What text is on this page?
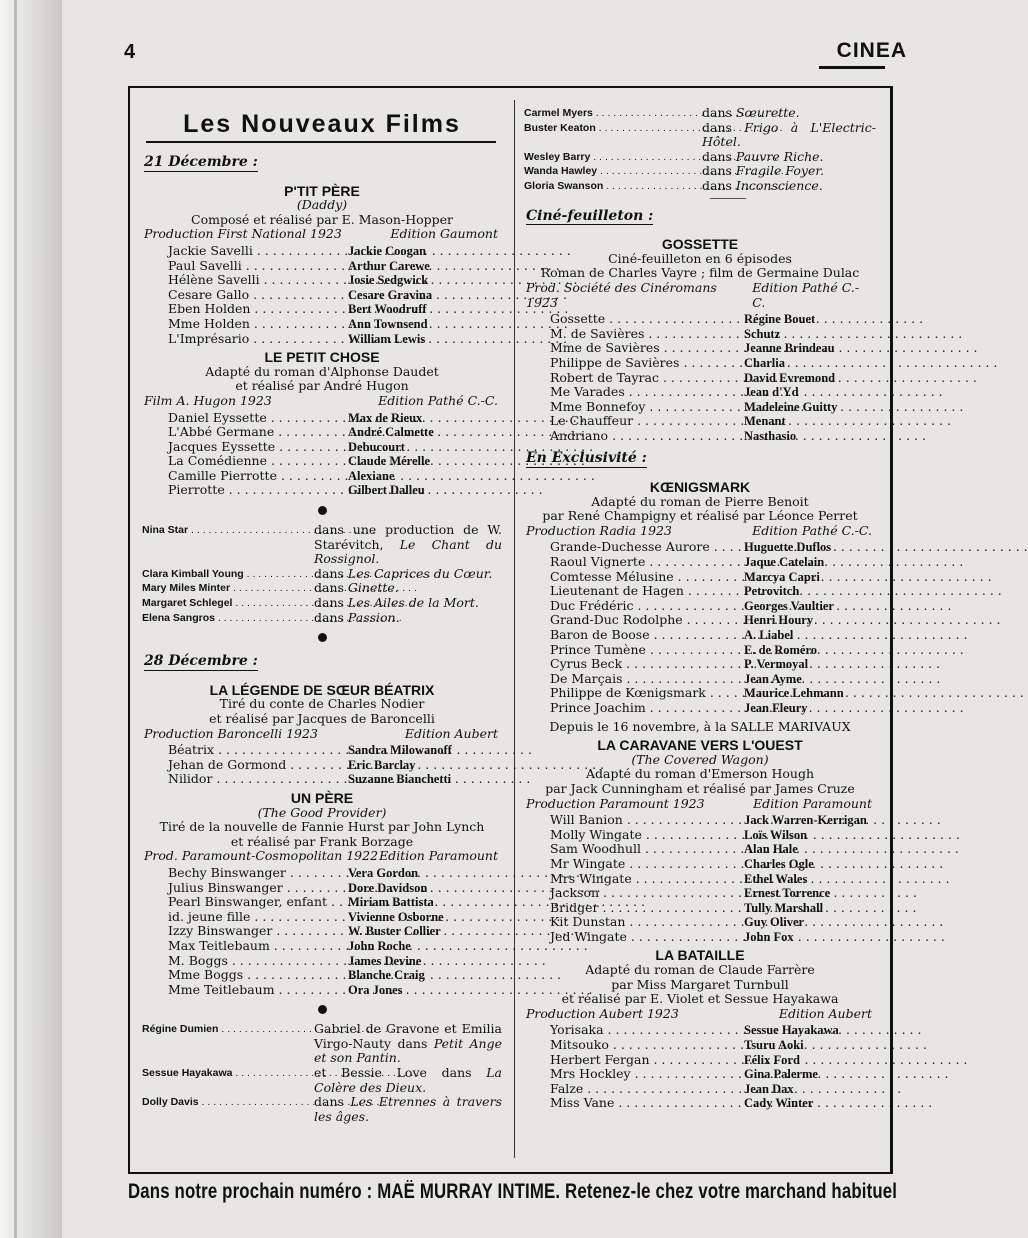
4	CINEA
Les Nouveaux Films
21 Décembre :
P'TIT PÈRE
(Daddy)
Composé et réalisé par E. Mason-Hopper
Production First National 1923	Edition Gaumont
Jackie Savelli . . .	Jackie Coogan
Paul Savelli . . .	Arthur Carewe
Hélène Savelli . . .	Josie Sedgwick
Cesare Gallo . . .	Cesare Gravina
Eben Holden . . .	Bert Woodruff
Mme Holden . . .	Ann Townsend
L'Imprésario . . .	William Lewis
LE PETIT CHOSE
Adapté du roman d'Alphonse Daudet
et réalisé par André Hugon
Film A. Hugon 1923	Edition Pathé C.-C.
Daniel Eyssette . . .	Max de Rieux
L'Abbé Germane . . .	André Calmette
Jacques Eyssette . . .	Debucourt
La Comédienne . . .	Claude Mérelle
Camille Pierrotte . . .	Alexiane
Pierrotte . . .	Gilbert Dalleu
Nina Star . . .	dans une production de W. Starévitch, Le Chant du Rossignol.
Clara Kimball Young . . .	dans Les Caprices du Cœur.
Mary Miles Minter . . .	dans Ginette.
Margaret Schlegel . . .	dans Les Ailes de la Mort.
Elena Sangros . . .	dans Passion.
28 Décembre :
LA LÉGENDE DE SŒUR BÉATRIX
Tiré du conte de Charles Nodier
et réalisé par Jacques de Baroncelli
Production Baroncelli 1923	Edition Aubert
Béatrix . . .	Sandra Milowanoff
Jehan de Gormond . . .	Eric Barclay
Nilidor . . .	Suzanne Bianchetti
UN PÈRE
(The Good Provider)
Tiré de la nouvelle de Fannie Hurst par John Lynch
et réalisé par Frank Borzage
Prod. Paramount-Cosmopolitan 1922 Edition Paramount
Bechy Binswanger . . .	Vera Gordon
Julius Binswanger . . .	Dore Davidson
Pearl Binswanger, enfant . . .	Miriam Battista
id. jeune fille . . .	Vivienne Osborne
Izzy Binswanger . . .	W. Buster Collier
Max Teitlebaum . . .	John Roche
M. Boggs . . .	James Devine
Mme Boggs . . .	Blanche Craig
Mme Teitlebaum . . .	Ora Jones
Régine Dumien . . .	Gabriel de Gravone et Emilia Virgo-Nauty dans Petit Ange et son Pantin.
Sessue Hayakawa . . .	et Bessie Love dans La Colère des Dieux.
Dolly Davis . . .	dans Les Etrennes à travers les âges.
Carmel Myers . . .	dans Sœurette.
Buster Keaton . . .	dans Frigo à L'Electric-Hôtel.
Wesley Barry . . .	dans Pauvre Riche.
Wanda Hawley . . .	dans Fragile Foyer.
Gloria Swanson . . .	dans Inconscience.
Ciné-feuilleton :
GOSSETTE
Ciné-feuilleton en 6 épisodes
Roman de Charles Vayre ; film de Germaine Dulac
Prod. Société des Cinéromans 1923
Edition Pathé C.-C.
Gossette . . .	Régine Bouet
M. de Savières . . .	Schutz
Mme de Savières . . .	Jeanne Brindeau
Philippe de Savières . . .	Charlia
Robert de Tayrac . . .	David Evremond
Me Varades . . .	Jean d'Yd
Mme Bonnefoy . . .	Madeleine Guitty
Le Chauffeur . . .	Menant
Andriano . . .	Nasthasio
En Exclusivité :
KŒNIGSMARK
Adapté du roman de Pierre Benoit
par René Champigny et réalisé par Léonce Perret
Production Radia 1923	Edition Pathé C.-C.
Grande-Duchesse Aurore . . .	Huguette Duflos
Raoul Vignerte . . .	Jaque Catelain
Comtesse Mélusine . . .	Marcya Capri
Lieutenant de Hagen . . .	Petrovitch
Duc Frédéric . . .	Georges Vaultier
Grand-Duc Rodolphe . . .	Henri Houry
Baron de Boose . . .	A. Liabel
Prince Tumène . . .	E. de Roméro
Cyrus Beck . . .	P. Vermoyal
De Marçais . . .	Jean Ayme
Philippe de Kœnigsmark . . .	Maurice Lehmann
Prince Joachim . . .	Jean Fleury
Depuis le 16 novembre, à la SALLE MARIVAUX
LA CARAVANE VERS L'OUEST
(The Covered Wagon)
Adapté du roman d'Emerson Hough
par Jack Cunningham et réalisé par James Cruze
Production Paramount 1923	Edition Paramount
Will Banion . . .	Jack Warren-Kerrigan
Molly Wingate . . .	Loïs Wilson
Sam Woodhull . . .	Alan Hale
Mr Wingate . . .	Charles Ogle
Mrs Wingate . . .	Ethel Wales
Jackson . . .	Ernest Torrence
Bridger . . .	Tully Marshall
Kit Dunstan . . .	Guy Oliver
Jed Wingate . . .	John Fox
LA BATAILLE
Adapté du roman de Claude Farrère
par Miss Margaret Turnbull
et réalisé par E. Violet et Sessue Hayakawa
Production Aubert 1923	Edition Aubert
Yorisaka . . .	Sessue Hayakawa
Mitsouko . . .	Tsuru Aoki
Herbert Fergan . . .	Félix Ford
Mrs Hockley . . .	Gina Palerme
Falze . . .	Jean Dax
Miss Vane . . .	Cady Winter
Dans notre prochain numéro : MAË MURRAY INTIME. Retenez-le chez votre marchand habituel
